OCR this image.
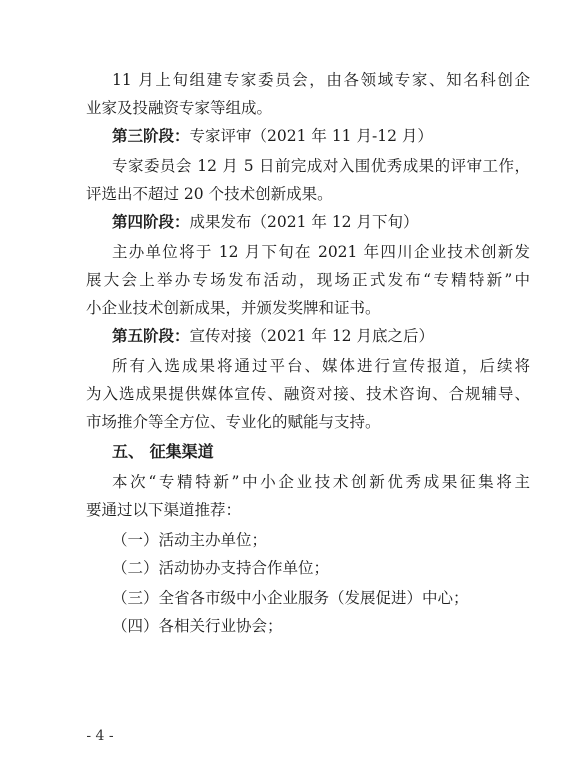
11 月上旬组建专家委员会，由各领域专家、知名科创企
业家及投融资专家等组成。
第三阶段：专家评审（2021 年 11 月-12 月）
专家委员会 12 月 5 日前完成对入围优秀成果的评审工作，
评选出不超过 20 个技术创新成果。
第四阶段：成果发布（2021 年 12 月下旬）
主办单位将于 12 月下旬在 2021 年四川企业技术创新发
展大会上举办专场发布活动，现场正式发布“专精特新”中
小企业技术创新成果，并颁发奖牌和证书。
第五阶段：宣传对接（2021 年 12 月底之后）
所有入选成果将通过平台、媒体进行宣传报道，后续将
为入选成果提供媒体宣传、融资对接、技术咨询、合规辅导、
市场推介等全方位、专业化的赋能与支持。
五、 征集渠道
本次“专精特新”中小企业技术创新优秀成果征集将主
要通过以下渠道推荐：
（一）活动主办单位；
（二）活动协办支持合作单位；
（三）全省各市级中小企业服务（发展促进）中心；
（四）各相关行业协会；
- 4 -
